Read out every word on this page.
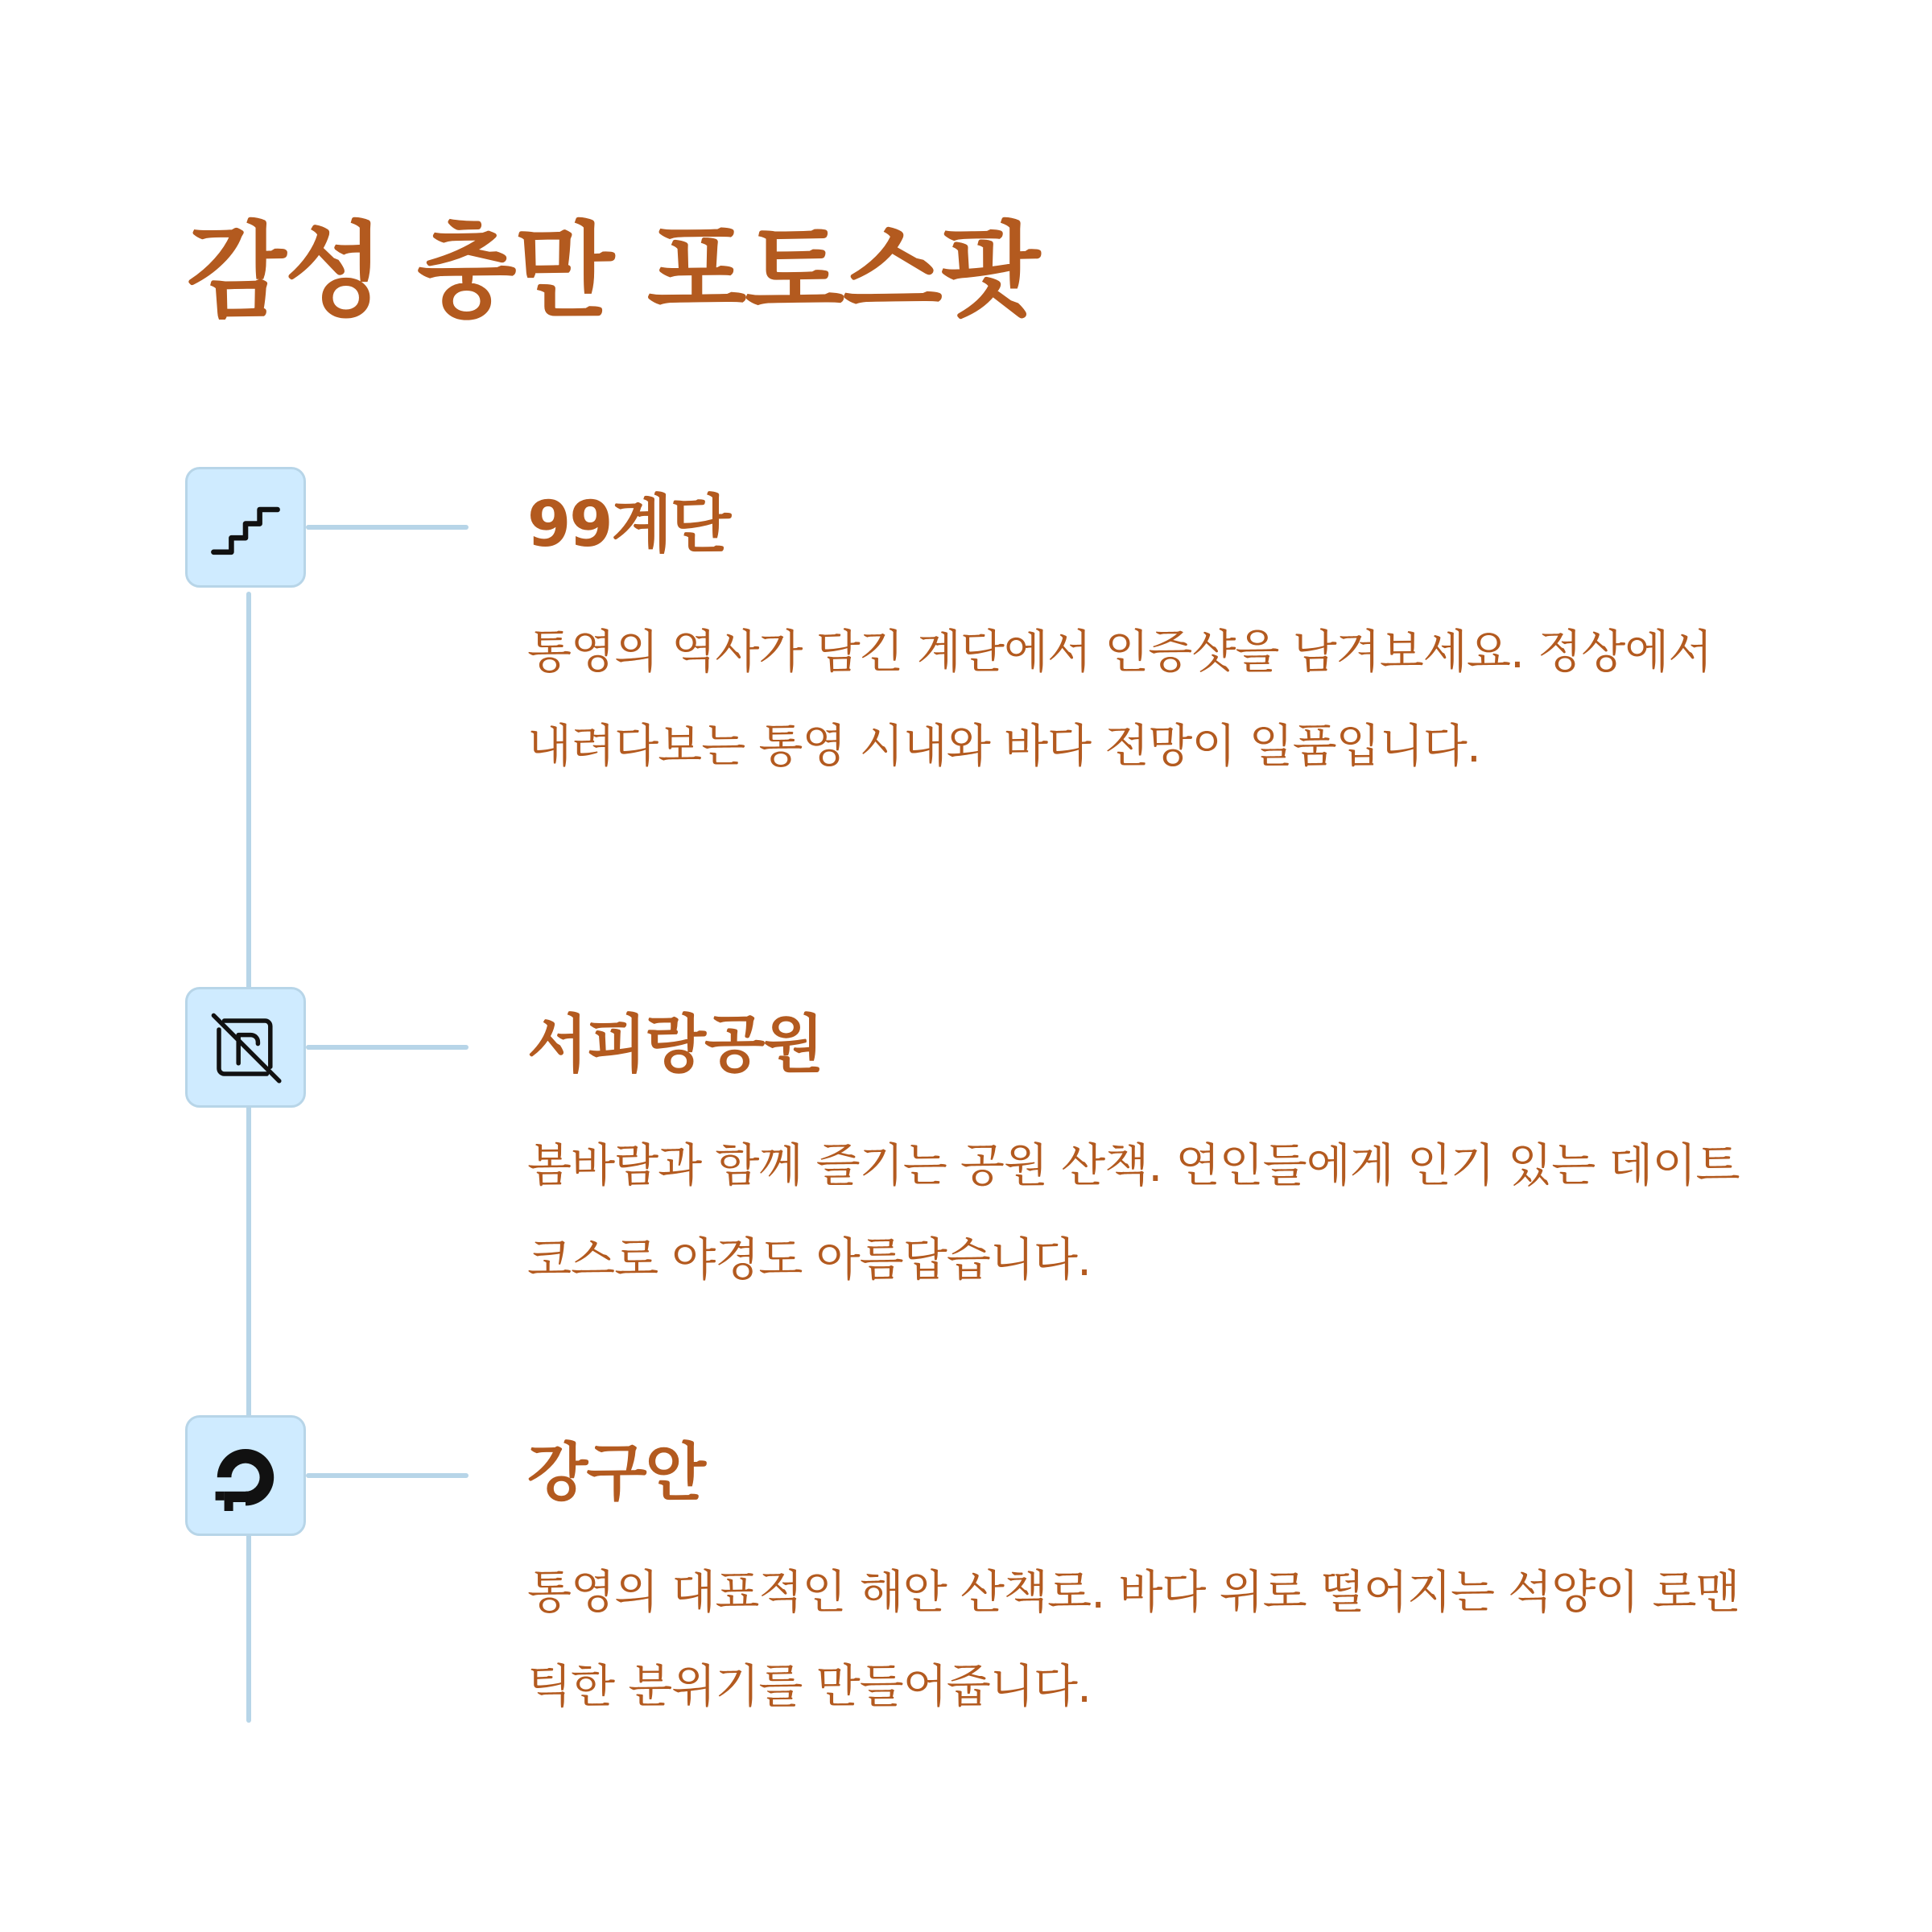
감성 충만 포토스팟
99계단

통영의 역사가 담긴 계단에서 인증샷을 남겨보세요. 정상에서 내려다보는 통영 시내와 바다 전망이 일품입니다.

서피랑공원

봄바람과 함께 즐기는 공원 산책. 연인들에게 인기 있는 데이트 코스로 야경도 아름답습니다.

강구안

통영의 대표적인 해안 산책로. 바다 위로 떨어지는 석양이 로맨틱한 분위기를 만들어줍니다.
